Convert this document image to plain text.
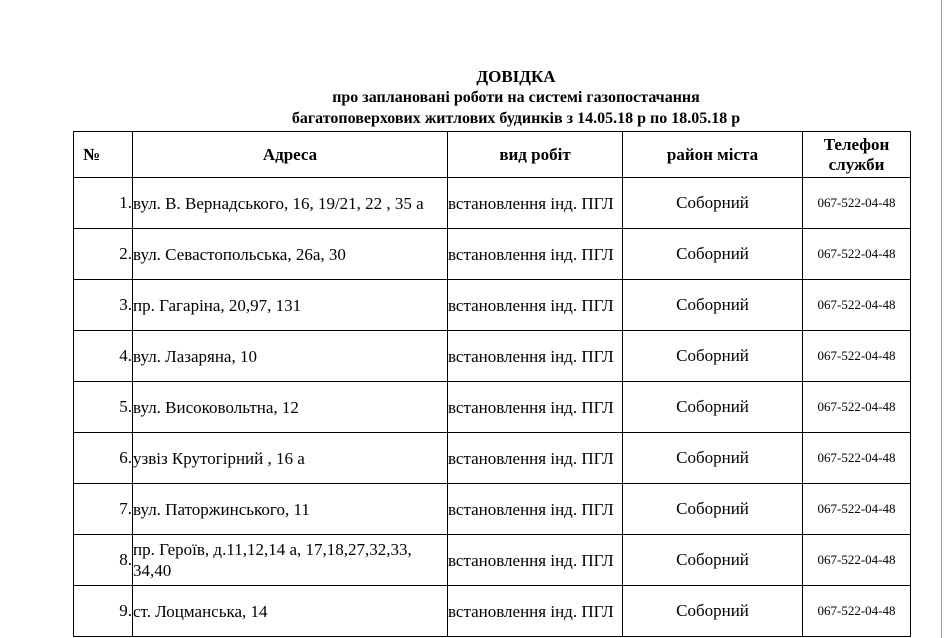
ДОВІДКА
про заплановані роботи на системі газопостачання
багатоповерхових житлових будинків з 14.05.18 р по 18.05.18 р
№	Адреса	вид робіт	район міста	Телефон
служби

1.	вул. В. Вернадського, 16, 19/21, 22 , 35 а	встановлення інд. ПГЛ	Соборний	067-522-04-48
2.	вул. Севастопольська, 26а, 30	встановлення інд. ПГЛ	Соборний	067-522-04-48
3.	пр. Гагаріна, 20,97, 131	встановлення інд. ПГЛ	Соборний	067-522-04-48
4.	вул. Лазаряна, 10	встановлення інд. ПГЛ	Соборний	067-522-04-48
5.	вул. Високовольтна, 12	встановлення інд. ПГЛ	Соборний	067-522-04-48
6.	узвіз Крутогірний , 16 а	встановлення інд. ПГЛ	Соборний	067-522-04-48
7.	вул. Паторжинського, 11	встановлення інд. ПГЛ	Соборний	067-522-04-48
8.	пр. Героїв, д.11,12,14 а, 17,18,27,32,33, 34,40	встановлення інд. ПГЛ	Соборний	067-522-04-48
9.	ст. Лоцманська, 14	встановлення інд. ПГЛ	Соборний	067-522-04-48
